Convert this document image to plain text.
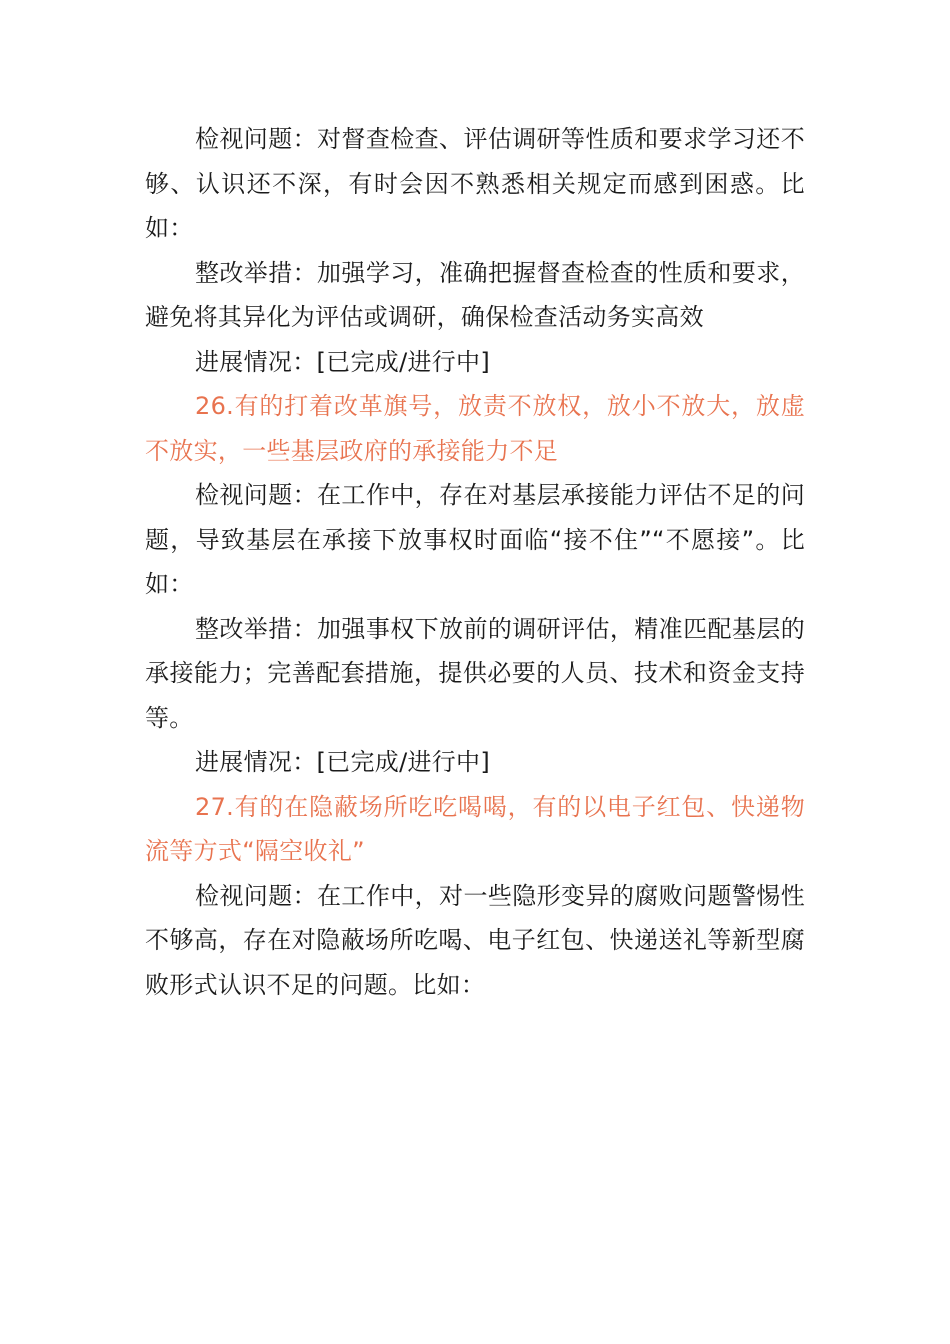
检视问题：对督查检查、评估调研等性质和要求学习还不够、认识还不深，有时会因不熟悉相关规定而感到困惑。比如：

整改举措：加强学习，准确把握督查检查的性质和要求，避免将其异化为评估或调研，确保检查活动务实高效

进展情况：[已完成/进行中]

26.有的打着改革旗号，放责不放权，放小不放大，放虚不放实，一些基层政府的承接能力不足

检视问题：在工作中，存在对基层承接能力评估不足的问题，导致基层在承接下放事权时面临“接不住”“不愿接”。比如：

整改举措：加强事权下放前的调研评估，精准匹配基层的承接能力；完善配套措施，提供必要的人员、技术和资金支持等。

进展情况：[已完成/进行中]

27.有的在隐蔽场所吃吃喝喝，有的以电子红包、快递物流等方式“隔空收礼”

检视问题：在工作中，对一些隐形变异的腐败问题警惕性不够高，存在对隐蔽场所吃喝、电子红包、快递送礼等新型腐败形式认识不足的问题。比如：
